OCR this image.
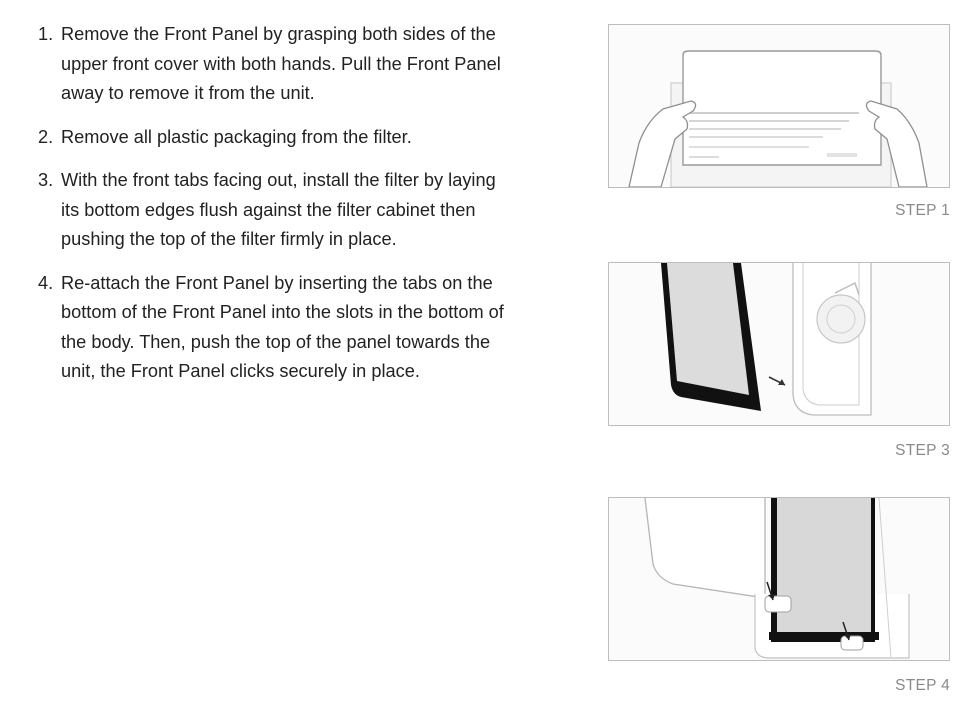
1. Remove the Front Panel by grasping both sides of the upper front cover with both hands. Pull the Front Panel away to remove it from the unit.
2. Remove all plastic packaging from the filter.
3. With the front tabs facing out, install the filter by laying its bottom edges flush against the filter cabinet then pushing the top of the filter firmly in place.
4. Re-attach the Front Panel by inserting the tabs on the bottom of the Front Panel into the slots in the bottom of the body. Then, push the top of the panel towards the unit, the Front Panel clicks securely in place.
STEP 1
STEP 3
STEP 4
